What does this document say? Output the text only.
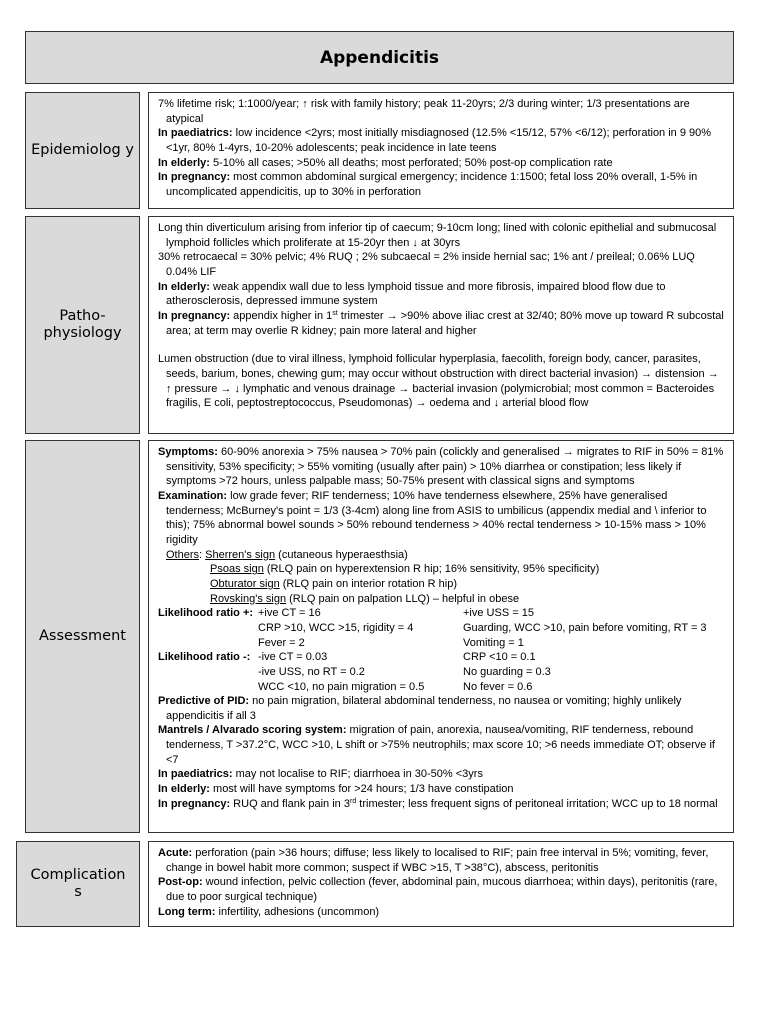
Appendicitis
Epidemiolog y

7% lifetime risk; 1:1000/year; ↑ risk with family history; peak 11-20yrs; 2/3 during winter; 1/3 presentations are atypical

In paediatrics: low incidence <2yrs; most initially misdiagnosed (12.5% <15/12, 57% <6/12); perforation in 9 90% <1yr, 80% 1-4yrs, 10-20% adolescents; peak incidence in late teens

In elderly: 5-10% all cases; >50% all deaths; most perforated; 50% post-op complication rate

In pregnancy: most common abdominal surgical emergency; incidence 1:1500; fetal loss 20% overall, 1-5% in uncomplicated appendicitis, up to 30% in perforation

Patho- physiology

Long thin diverticulum arising from inferior tip of caecum; 9-10cm long; lined with colonic epithelial and submucosal lymphoid follicles which proliferate at 15-20yr then ↓ at 30yrs

30% retrocaecal = 30% pelvic; 4% RUQ ; 2% subcaecal = 2% inside hernial sac; 1% ant / preileal; 0.06% LUQ 0.04% LIF

In elderly: weak appendix wall due to less lymphoid tissue and more fibrosis, impaired blood flow due to atherosclerosis, depressed immune system

In pregnancy: appendix higher in 1st trimester → >90% above iliac crest at 32/40; 80% move up toward R subcostal area; at term may overlie R kidney; pain more lateral and higher

Lumen obstruction (due to viral illness, lymphoid follicular hyperplasia, faecolith, foreign body, cancer, parasites, seeds, barium, bones, chewing gum; may occur without obstruction with direct bacterial invasion) → distension → ↑ pressure → ↓ lymphatic and venous drainage → bacterial invasion (polymicrobial; most common = Bacteroides fragilis, E coli, peptostreptococcus, Pseudomonas) → oedema and ↓ arterial blood flow

Assessment

Symptoms: 60-90% anorexia > 75% nausea > 70% pain (colickly and generalised → migrates to RIF in 50% = 81% sensitivity, 53% specificity; > 55% vomiting (usually after pain) > 10% diarrhea or constipation; less likely if symptoms >72 hours, unless palpable mass; 50-75% present with classical signs and symptoms

Examination: low grade fever; RIF tenderness; 10% have tenderness elsewhere, 25% have generalised tenderness; McBurney's point = 1/3 (3-4cm) along line from ASIS to umbilicus (appendix medial and \ inferior to this); 75% abnormal bowel sounds > 50% rebound tenderness > 40% rectal tenderness > 10-15% mass > 10% rigidity

Others: Sherren's sign (cutaneous hyperaesthsia)
Psoas sign (RLQ pain on hyperextension R hip; 16% sensitivity, 95% specificity)
Obturator sign (RLQ pain on interior rotation R hip)
Rovsking's sign (RLQ pain on palpation LLQ) – helpful in obese
Likelihood ratio +: +ive CT = 16	+ive USS = 15
CRP >10, WCC >15, rigidity = 4	Guarding, WCC >10, pain before vomiting, RT = 3
Fever = 2	Vomiting = 1
Likelihood ratio -: -ive CT = 0.03	CRP <10 = 0.1
-ive USS, no RT = 0.2	No guarding = 0.3
WCC <10, no pain migration = 0.5	No fever = 0.6

Predictive of PID: no pain migration, bilateral abdominal tenderness, no nausea or vomiting; highly unlikely appendicitis if all 3

Mantrels / Alvarado scoring system: migration of pain, anorexia, nausea/vomiting, RIF tenderness, rebound tenderness, T >37.2°C, WCC >10, L shift or >75% neutrophils; max score 10; >6 needs immediate OT; observe if <7

In paediatrics: may not localise to RIF; diarrhoea in 30-50% <3yrs

In elderly: most will have symptoms for >24 hours; 1/3 have constipation

In pregnancy: RUQ and flank pain in 3rd trimester; less frequent signs of peritoneal irritation; WCC up to 18 normal

Complication s

Acute: perforation (pain >36 hours; diffuse; less likely to localised to RIF; pain free interval in 5%; vomiting, fever, change in bowel habit more common; suspect if WBC >15, T >38°C), abscess, peritonitis

Post-op: wound infection, pelvic collection (fever, abdominal pain, mucous diarrhoea; within days), peritonitis (rare, due to poor surgical technique)

Long term: infertility, adhesions (uncommon)
